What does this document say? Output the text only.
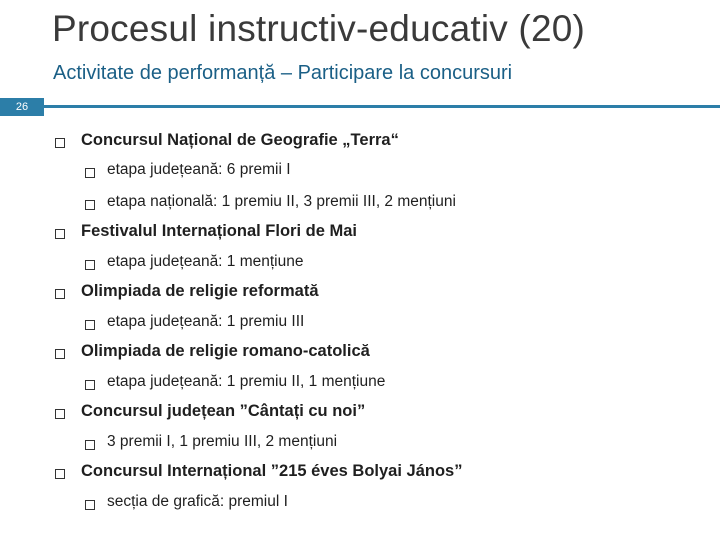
Procesul instructiv-educativ (20)
Activitate de performanță – Participare la concursuri
26
Concursul Național de Geografie „Terra“
etapa județeană: 6 premii I
etapa națională: 1 premiu II, 3 premii III, 2 mențiuni
Festivalul Internațional Flori de Mai
etapa județeană: 1 mențiune
Olimpiada de religie reformată
etapa județeană: 1 premiu III
Olimpiada de religie romano-catolică
etapa județeană: 1 premiu II, 1 mențiune
Concursul județean ”Cântați cu noi”
3 premii I, 1 premiu III, 2 mențiuni
Concursul Internațional ”215 éves Bolyai János”
secția de grafică: premiul I
